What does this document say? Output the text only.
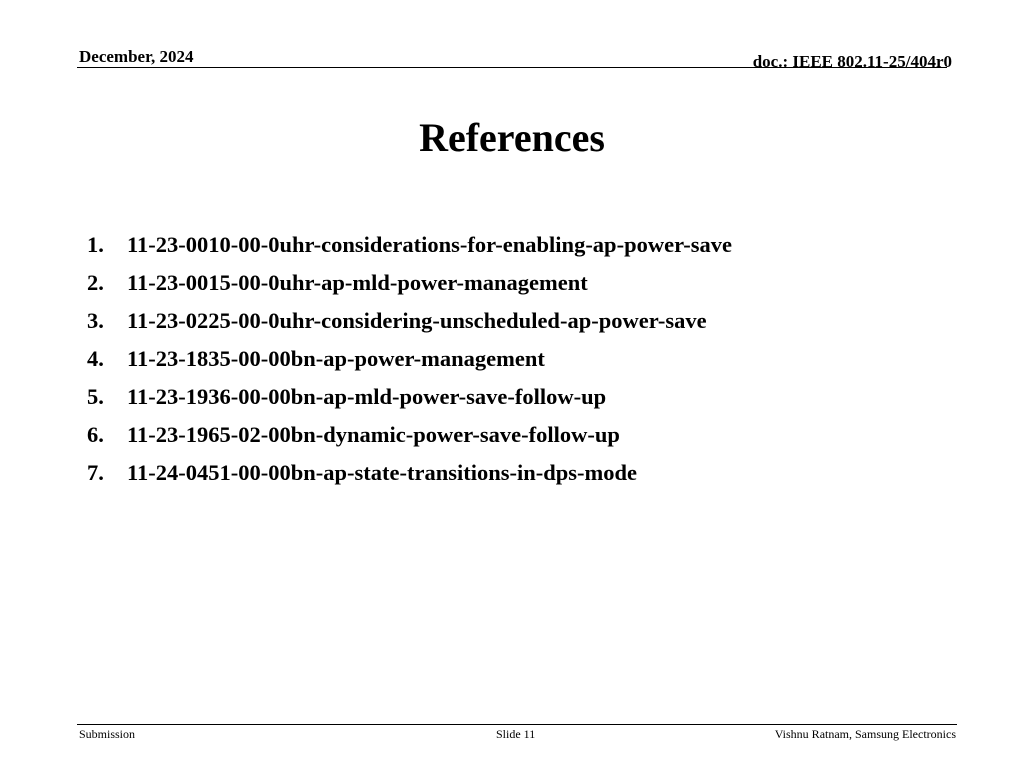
December, 2024	doc.: IEEE 802.11-25/404r0
References
1.	11-23-0010-00-0uhr-considerations-for-enabling-ap-power-save
2.	11-23-0015-00-0uhr-ap-mld-power-management
3.	11-23-0225-00-0uhr-considering-unscheduled-ap-power-save
4.	11-23-1835-00-00bn-ap-power-management
5.	11-23-1936-00-00bn-ap-mld-power-save-follow-up
6.	11-23-1965-02-00bn-dynamic-power-save-follow-up
7.	11-24-0451-00-00bn-ap-state-transitions-in-dps-mode
Submission	Slide 11	Vishnu Ratnam, Samsung Electronics
